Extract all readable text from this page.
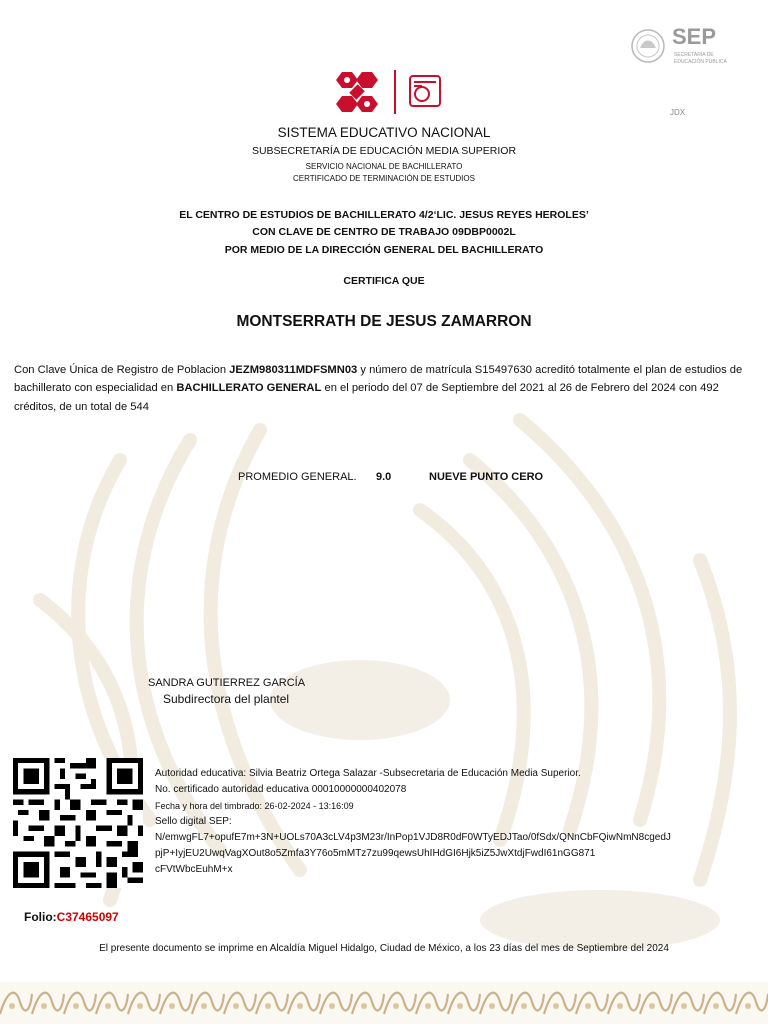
SEP
SECRETARÍA DE
EDUCACIÓN PÚBLICA
JDX
SISTEMA EDUCATIVO NACIONAL
SUBSECRETARÍA DE EDUCACIÓN MEDIA SUPERIOR
SERVICIO NACIONAL DE BACHILLERATO
CERTIFICADO DE TERMINACIÓN DE ESTUDIOS
EL CENTRO DE ESTUDIOS DE BACHILLERATO 4/2‘LIC. JESUS REYES HEROLES’
CON CLAVE DE CENTRO DE TRABAJO 09DBP0002L
POR MEDIO DE LA DIRECCIÓN GENERAL DEL BACHILLERATO
CERTIFICA QUE
MONTSERRATH DE JESUS ZAMARRON
Con Clave Única de Registro de Poblacion JEZM980311MDFSMN03 y número de matrícula S15497630 acreditó totalmente el plan de estudios de bachillerato con especialidad en BACHILLERATO GENERAL en el periodo del 07 de Septiembre del 2021 al 26 de Febrero del 2024 con 492 créditos, de un total de 544
PROMEDIO GENERAL. 9.0	NUEVE PUNTO CERO
SANDRA GUTIERREZ GARCÍA
Subdirectora del plantel
Autoridad educativa: Silvia Beatriz Ortega Salazar -Subsecretaria de Educación Media Superior.
No. certificado autoridad educativa 00010000000402078
Fecha y hora del timbrado: 26-02-2024 - 13:16:09
Sello digital SEP:
N/emwgFL7+opufE7m+3N+UOLs70A3cLV4p3M23r/InPop1VJD8R0dF0WTyEDJTao/0fSdx/QNnCbFQiwNmN8cgedJ
pjP+IyjEU2UwqVagXOut8o5Zmfa3Y76o5mMTz7zu99qewsUhIHdGI6Hjk5iZ5JwXtdjFwdI61nGG871
cFVtWbcEuhM+x
Folio:C37465097
El presente documento se imprime en Alcaldía Miguel Hidalgo, Ciudad de México, a los 23 días del mes de Septiembre del 2024
